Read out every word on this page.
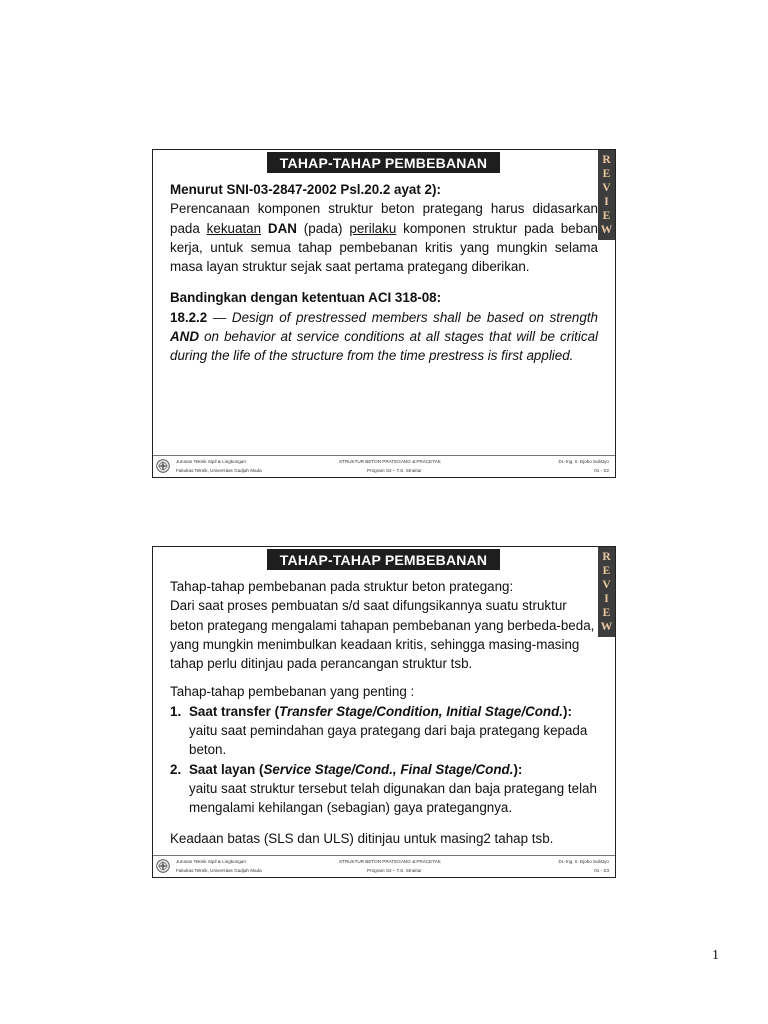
TAHAP-TAHAP PEMBEBANAN	R
E
V
I
E
W

Menurut SNI-03-2847-2002 Psl.20.2 ayat 2):

Perencanaan komponen struktur beton prategang harus didasarkan pada kekuatan DAN (pada) perilaku komponen struktur pada beban kerja, untuk semua tahap pembebanan kritis yang mungkin selama masa layan struktur sejak saat pertama prategang diberikan.

Bandingkan dengan ketentuan ACI 318-08:

18.2.2 — Design of prestressed members shall be based on strength AND on behavior at service conditions at all stages that will be critical during the life of the structure from the time prestress is first applied.

Jurusan Teknik Sipil & Lingkungan
Fakultas Teknik, Universitas Gadjah Mada
STRUKTUR BETON PRATEGANG & PRACETAK
Program S2 – T.S. Struktur
Dr.-Ing. Ir. Djoko Sulistyo
01 - S2
TAHAP-TAHAP PEMBEBANAN	R
E
V
I
E
W

Tahap-tahap pembebanan pada struktur beton prategang:

Dari saat proses pembuatan s/d saat difungsikannya suatu struktur beton prategang mengalami tahapan pembebanan yang berbeda-beda, yang mungkin menimbulkan keadaan kritis, sehingga masing-masing tahap perlu ditinjau pada perancangan struktur tsb.

Tahap-tahap pembebanan yang penting :

1. Saat transfer (Transfer Stage/Condition, Initial Stage/Cond.):
yaitu saat pemindahan gaya prategang dari baja prategang kepada beton.
2. Saat layan (Service Stage/Cond., Final Stage/Cond.):
yaitu saat struktur tersebut telah digunakan dan baja prategang telah mengalami kehilangan (sebagian) gaya prategangnya.

Keadaan batas (SLS dan ULS) ditinjau untuk masing2 tahap tsb.

Jurusan Teknik Sipil & Lingkungan
Fakultas Teknik, Universitas Gadjah Mada
STRUKTUR BETON PRATEGANG & PRACETAK
Program S2 – T.S. Struktur
Dr.-Ing. Ir. Djoko Sulistyo
01 - S3
1
